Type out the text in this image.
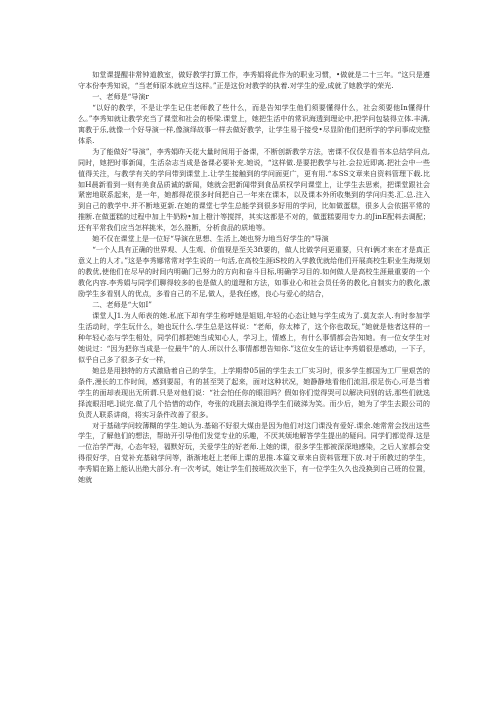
如堂课提醒非常钟道教室，做好教学打算工作，李秀娟将此作为的职业习惯，•做就是二十三年。“这只是遵守本份李秀知说，“当老师原本就应当这样。”正是这份对教学的执着.对学生的爱,成就了她教学的荣光.

一、老师是“导演r

“以好的教学，不是让学生记住老师教了些什么，而是告知学生他们须要懂得什么，社会须要他In懂得什么。”李秀知就让教学充当了课堂和社会的桥梁.课堂上，她把生活中的常识海透到理论中,把学问包装得立体.丰满,寓教于乐,就像一个好导演一样,像演绎故事一样去做好教学，让学生易于接受•尽显阶他们把所学的学问事成完整体系.

为了能做好“导演”，李秀娟昨天花大量时间用于备课，不断创新教学方法，密课不仅仅是看书本总结学问点,同时，她把时事新闻，生活杂志当成是备课必要补充.她说，“这样做.是要把教学与社.会拉近即离.把社会中一些值得关注，与教学有关的学问带到课堂上.让学生接触到的学问面更广，更有用.“本SS文章来自资料管理下载.比如H晨新看到一则有美食品质诚的新闻，她就会把新闻带到食品质权学问课堂上，让学生去思索，把课堂跟社会紧密地联系起来，是一年，她都得花很多时间把自己一年来在课本，以及课本外所收集到的学问归类.汇.总.注入到自己的教学中.并不断地更新.在她的课堂七学生总能学到很多好用的学问，比如做蛋糕，很多人会依据平常的推断.在做蛋糕的过程中加上牛奶粉•加上橙汁等搅拌，其实这都是不对的，做蛋糕要用专力.的JinE配料去调配；还有平常我们应当怎样挑米，怎么推断，分析食品的质地等。

她不仅在课堂上是一位好“导演在思想、生活上,她也努力地当好学生的“导演

“一个人具有正确的世界观、人生观、价值视是至关3ft要的，做人比做学问更重要，只有i俩才来在才是真正意义上的人才。”这是李秀娜常常对学生说的一句活,在高校生涯iS校的入学教优就给他们开展高校生职业生海规划的教优,使他们在尽早的时间内明确门己努力的方向和奋斗目标,明确学习目的.如何做人是高校生涯最重要的一个教化内容.李秀娟与同学们聊得较多的也是做人的道理和方法，如事业心和社会员任务的教化,自制实力的教化,激励学生多看别人的优点，多看自己的不足,做人，是我任感，良心与爱心的结合，

二、老师是“大如I”

课堂人J1.为人师表的她.私底下却有学生称呼她是姐姐,年轻的心态让她与学生成为了.莫友亲人.有时参加学生活动时，学生玩什么，她也玩什么.学生总是这样说：“老师，你太棒了，这个你也敢玩，”她就是他者这样的一种年轻心态与学生相处，同学们都把她当成知心人，学习上，情感上，有什么事情都会告知她。有一位女学生对她说过：“因为把你当成是一位最牛”的人.所以什么事情都想告知你.”这位女生的话让李秀娟很是感动，一下子，似乎自己多了很多子女一样，

她总是用独特的方式激励着自己的学生，上学期带05届的学生去工厂实习时，很多学生都国为工厂里艰苦的条件,漫长的工作时间，感到要屈，有的甚至哭了起来，面对这种状况，她静静地看他们流泪,很足伤心,可是当着学生的面却表现出无所谓.只是对他们说：“社会怕任你的眼泪吗？假如你们觉得哭可以解决问别的话,那些们就选择流眼泪吧.]说完.做了几个拾惜的动作，夸张的戏剧去演迫得学生们破涕为笑。而少后，她为了学生去跟公司的负责人联系讲商，将实习条件改善了很多。

对于基础学问较薄糊的学生.她认为.基础不好很大煤由是因为他们对这门课没有爱好.课余.她常常会找出这些学生，了解他们的想法，帮助开引导他们发觉专业的乐趣，不厌其烦地解答学生提出的疑问。同学们都觉得.这是一位治学严海，心态年轻，福默好玩，关爱学生的好老师.上她的课，很多学生都被深深地感染，之后人家都会变得很好学，自觉补充基础学问等，渐渐地赶上老师上课的思推.本篇文章来自资料管理下放.对于所教过的学生，李秀娟在路上能认出绝大部分.有一次考试，她让学生们按班故次坐下，有一位学生久久也没换到自己班的位置，她就
